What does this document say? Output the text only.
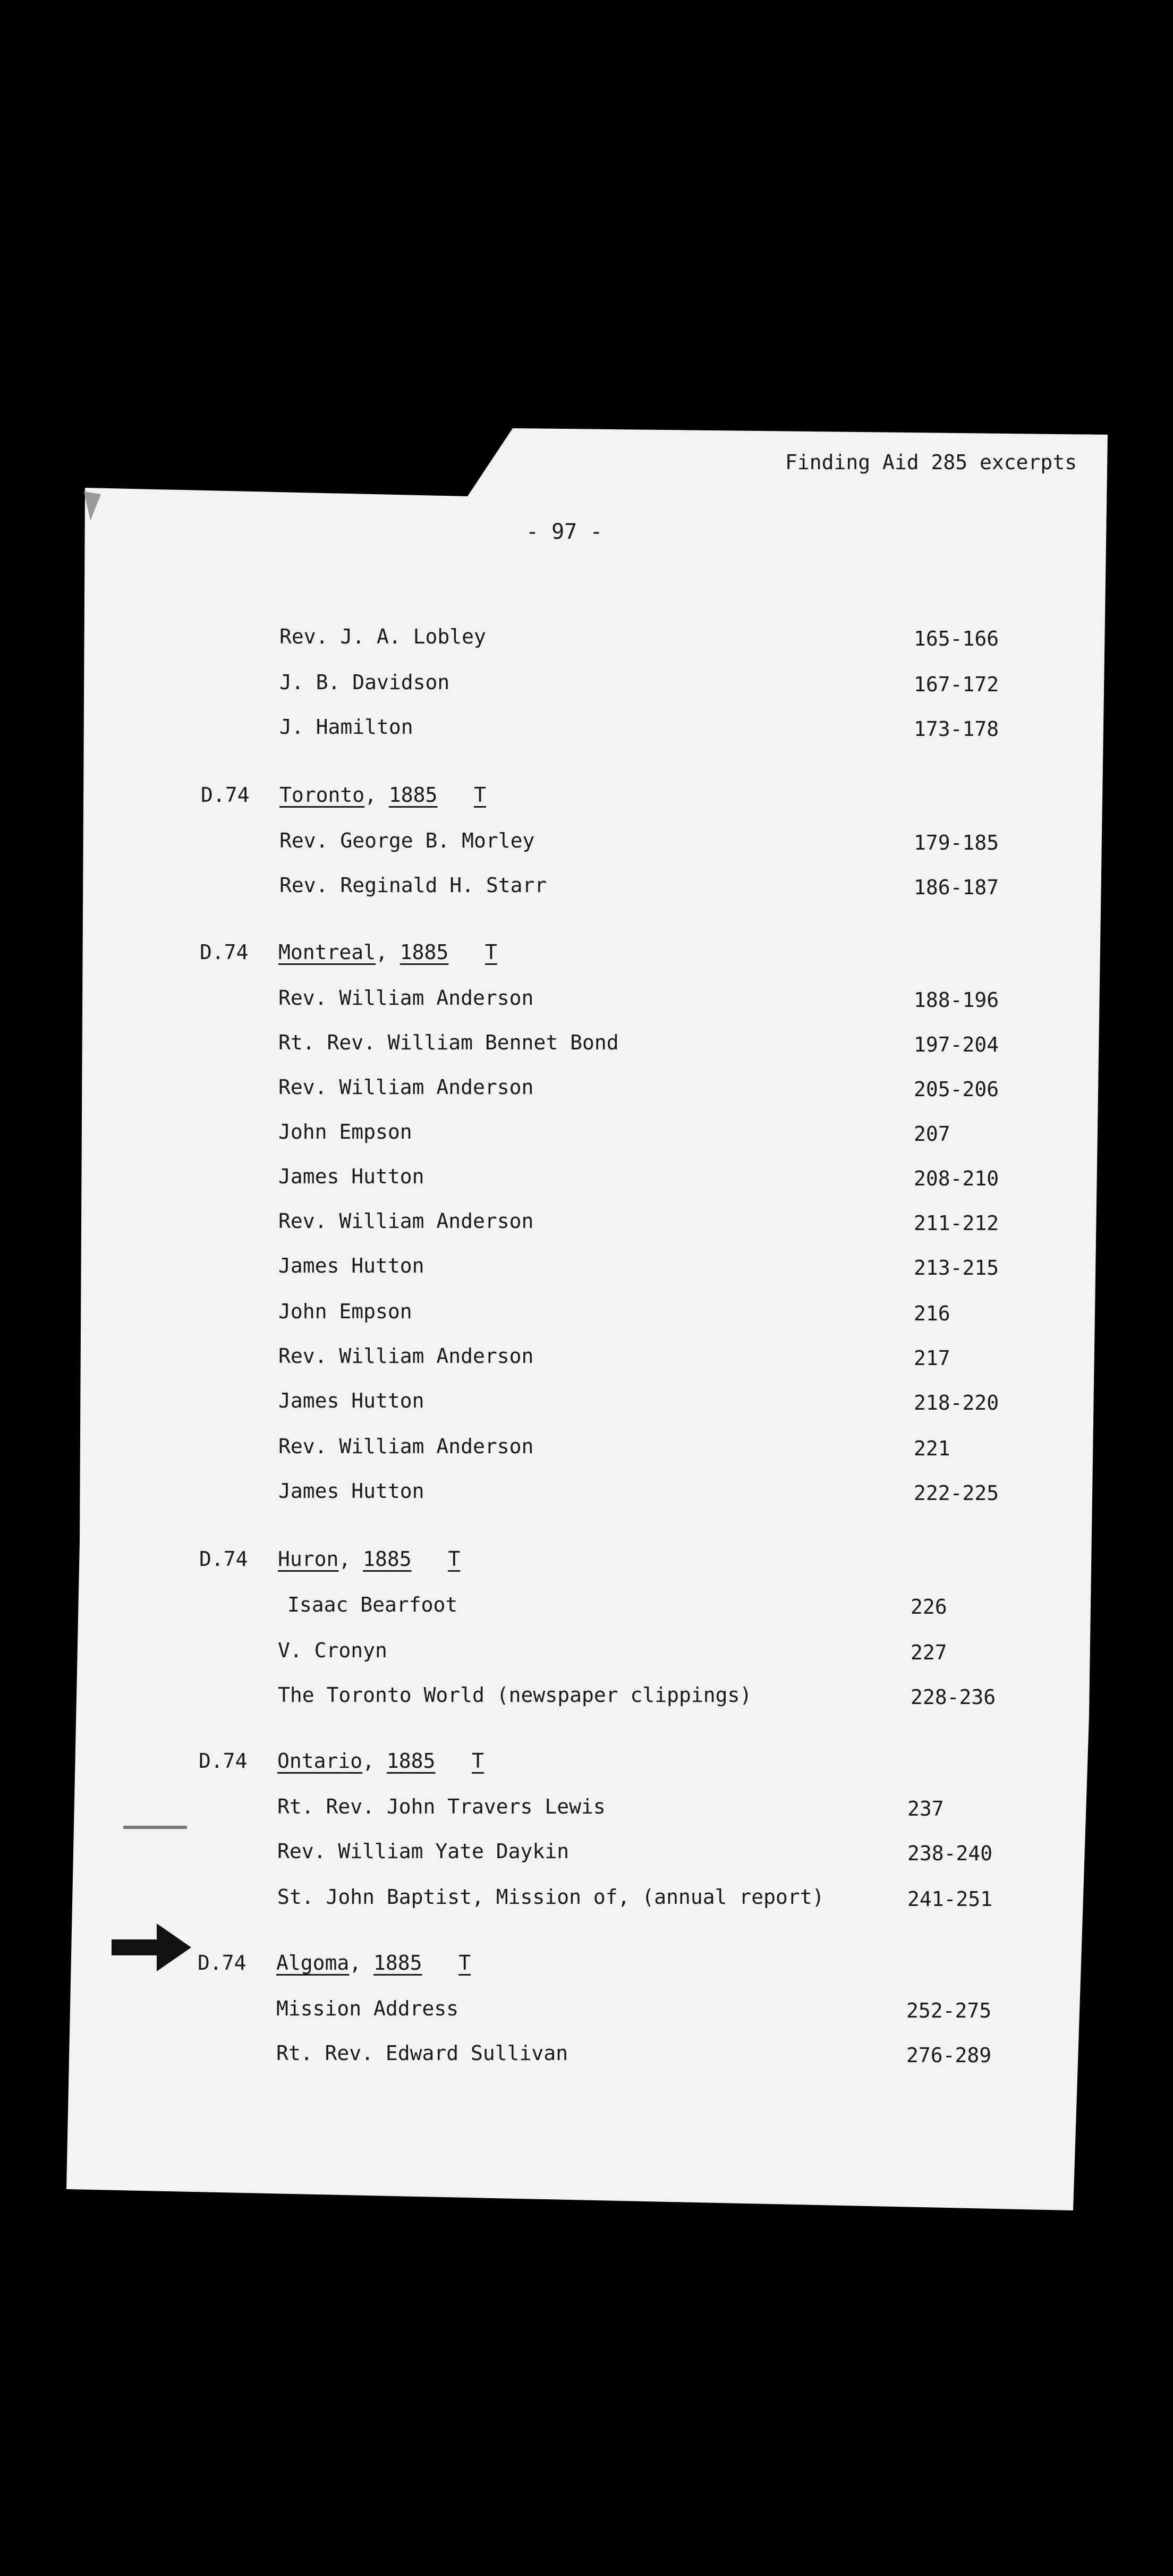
Finding Aid 285 excerpts
- 97 -
Rev. J. A. Lobley	165-166
J. B. Davidson	167-172
J. Hamilton	173-178
D.74 Toronto, 1885 T
Rev. George B. Morley	179-185
Rev. Reginald H. Starr	186-187
D.74 Montreal, 1885 T
Rev. William Anderson	188-196
Rt. Rev. William Bennet Bond	197-204
Rev. William Anderson	205-206
John Empson	207
James Hutton	208-210
Rev. William Anderson	211-212
James Hutton	213-215
John Empson	216
Rev. William Anderson	217
James Hutton	218-220
Rev. William Anderson	221
James Hutton	222-225
D.74 Huron, 1885 T
Isaac Bearfoot	226
V. Cronyn	227
The Toronto World (newspaper clippings)	228-236
D.74 Ontario, 1885 T
Rt. Rev. John Travers Lewis	237
Rev. William Yate Daykin	238-240
St. John Baptist, Mission of, (annual report)	241-251
D.74 Algoma, 1885 T
Mission Address	252-275
Rt. Rev. Edward Sullivan	276-289
